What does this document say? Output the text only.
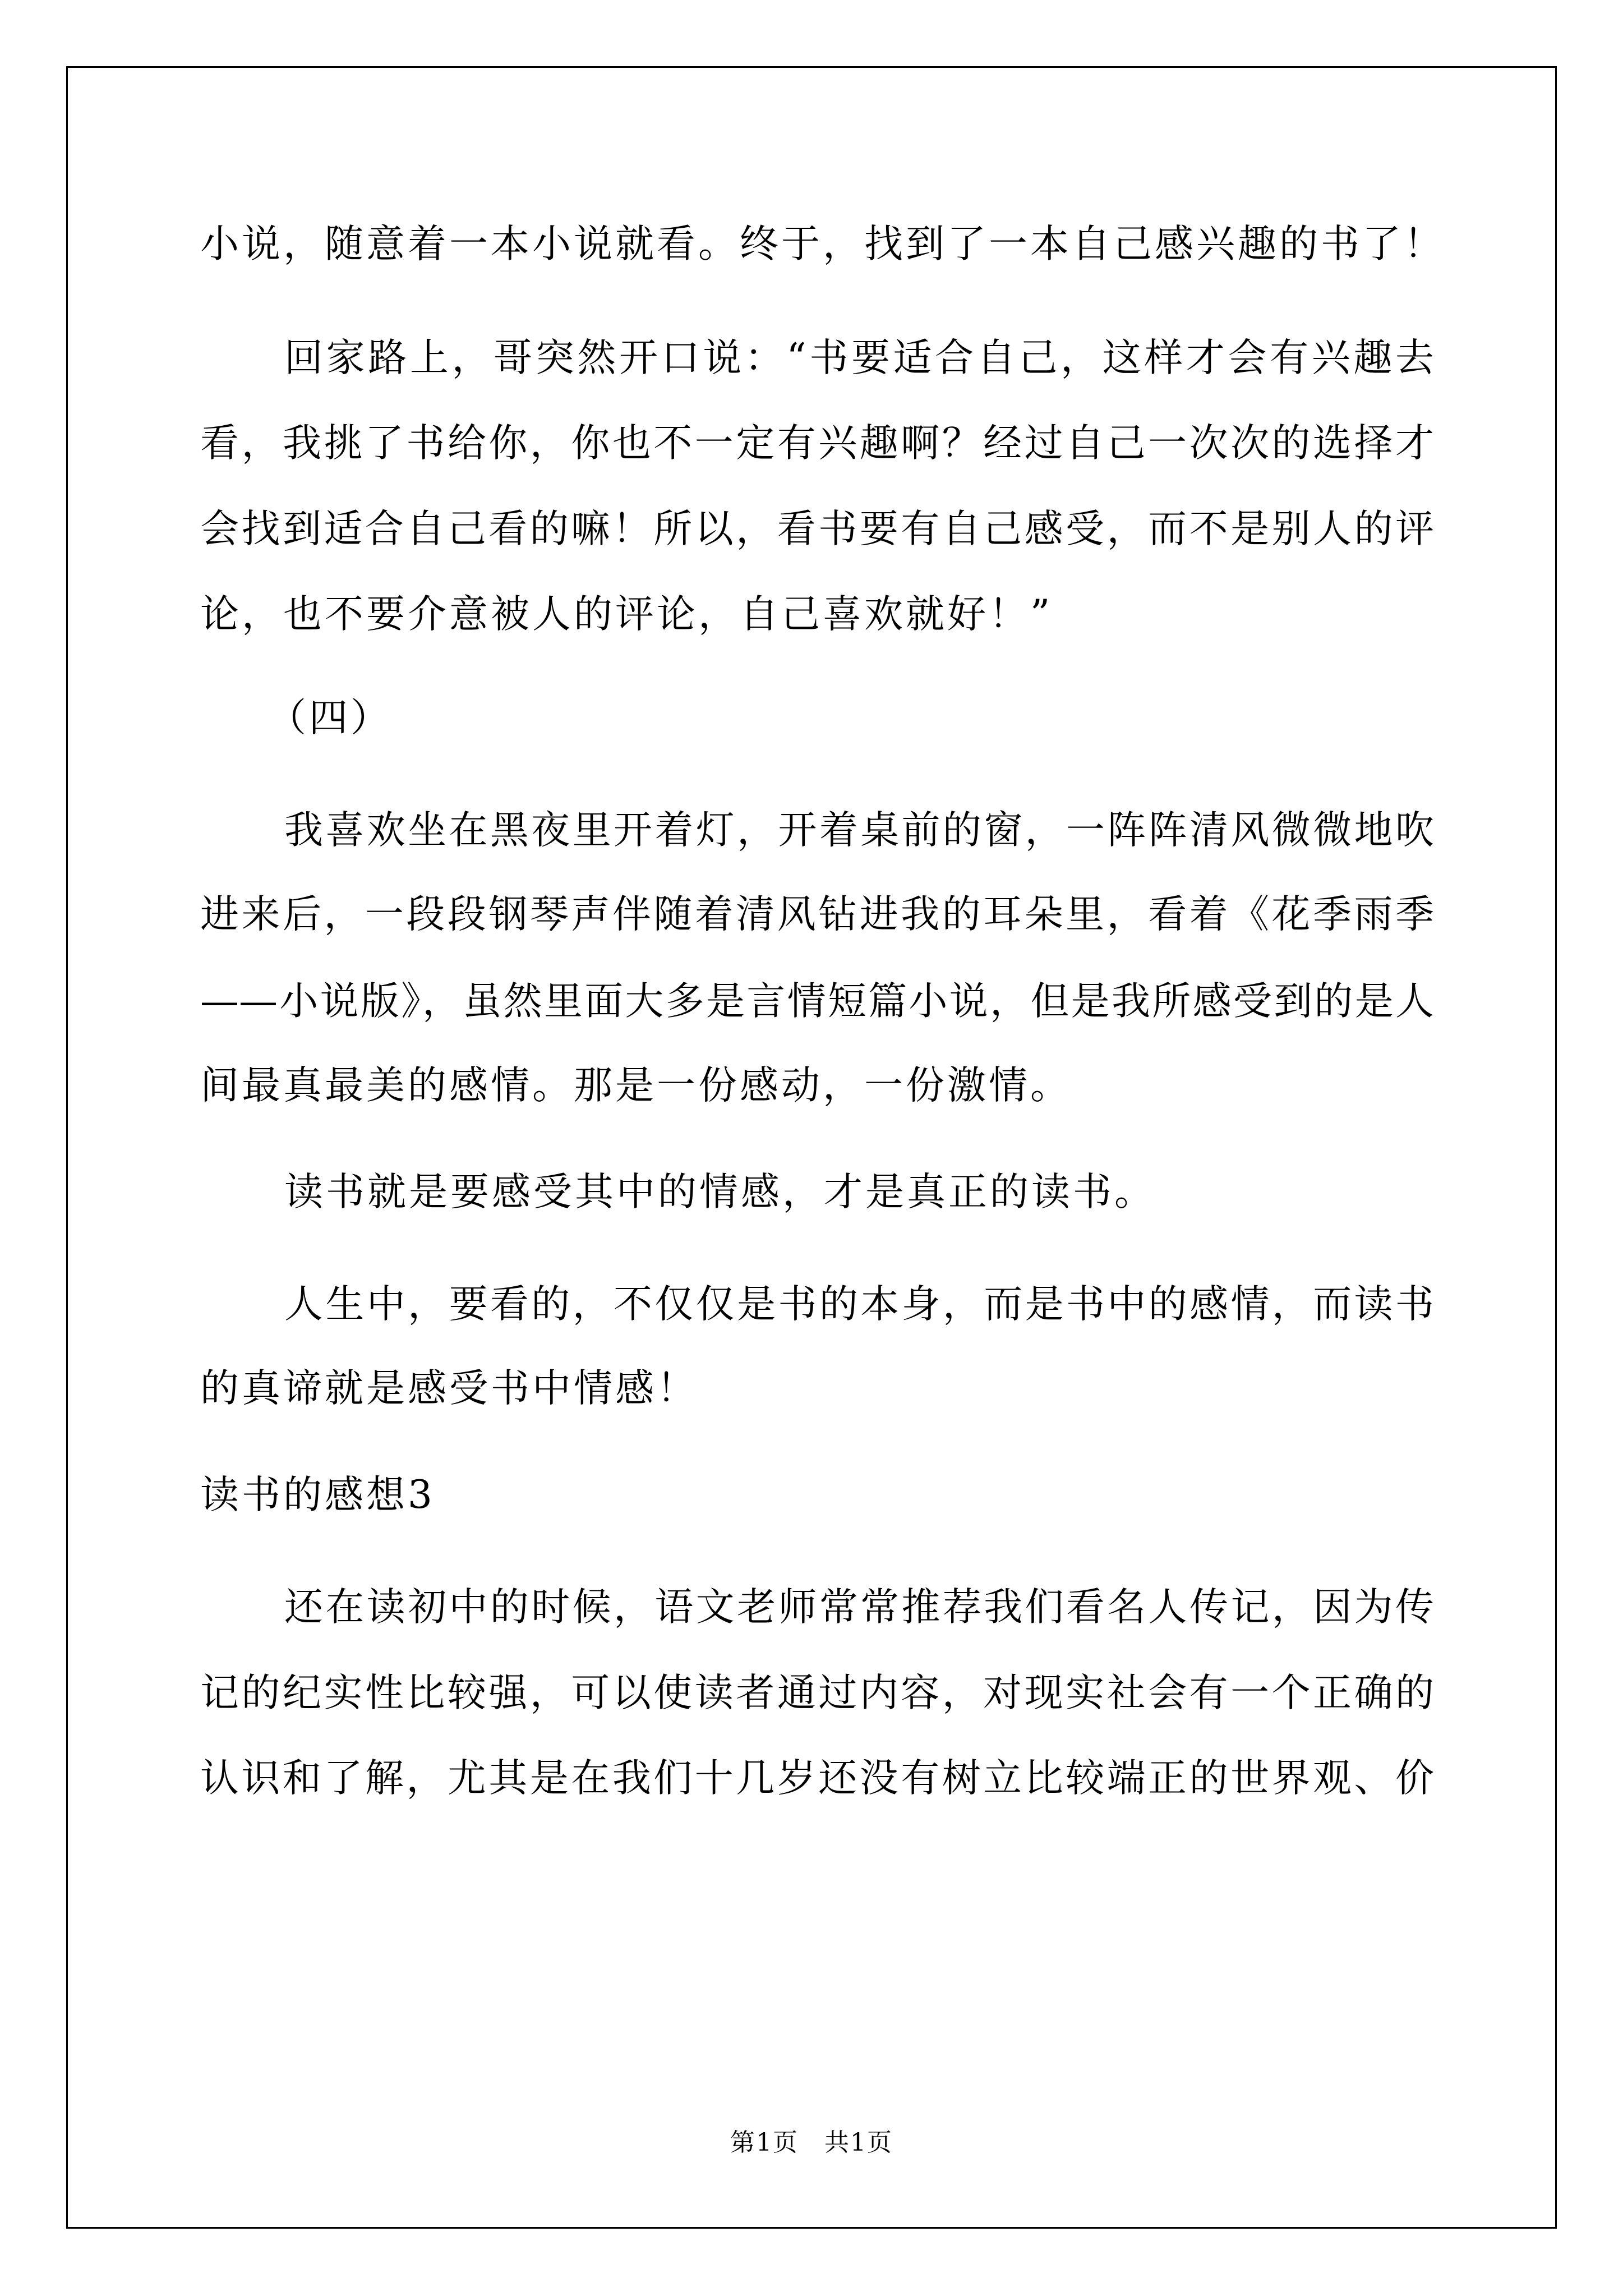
小说，随意着一本小说就看。终于，找到了一本自己感兴趣的书了！
回家路上，哥突然开口说：“书要适合自己，这样才会有兴趣去
看，我挑了书给你，你也不一定有兴趣啊？经过自己一次次的选择才
会找到适合自己看的嘛！所以，看书要有自己感受，而不是别人的评
论，也不要介意被人的评论，自己喜欢就好！”
（四）
我喜欢坐在黑夜里开着灯，开着桌前的窗，一阵阵清风微微地吹
进来后，一段段钢琴声伴随着清风钻进我的耳朵里，看着《花季雨季
——小说版》，虽然里面大多是言情短篇小说，但是我所感受到的是人
间最真最美的感情。那是一份感动，一份激情。
读书就是要感受其中的情感，才是真正的读书。
人生中，要看的，不仅仅是书的本身，而是书中的感情，而读书
的真谛就是感受书中情感！
读书的感想3
还在读初中的时候，语文老师常常推荐我们看名人传记，因为传
记的纪实性比较强，可以使读者通过内容，对现实社会有一个正确的
认识和了解，尤其是在我们十几岁还没有树立比较端正的世界观、价
第1页　共1页
